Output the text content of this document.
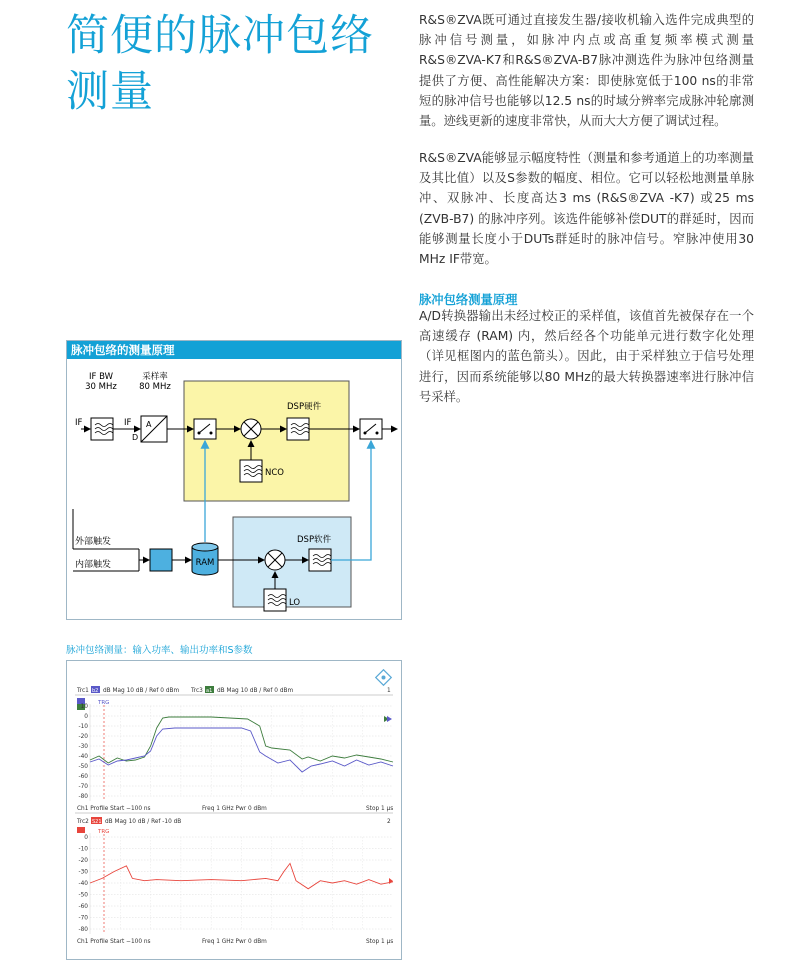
简便的脉冲包络
测量

R&S®ZVA既可通过直接发生器/接收机输入选件完成典型的脉冲信号测量，如脉冲内点或高重复频率模式测量R&S®ZVA-K7和R&S®ZVA-B7脉冲测选件为脉冲包络测量提供了方便、高性能解决方案：即使脉宽低于100 ns的非常短的脉冲信号也能够以12.5 ns的时域分辨率完成脉冲轮廓测量。迹线更新的速度非常快，从而大大方便了调试过程。

R&S®ZVA能够显示幅度特性（测量和参考通道上的功率测量及其比值）以及S参数的幅度、相位。它可以轻松地测量单脉冲、双脉冲、长度高达3 ms (R&S®ZVA -K7) 或25 ms (ZVB-B7) 的脉冲序列。该选件能够补偿DUT的群延时，因而能够测量长度小于DUTs群延时的脉冲信号。窄脉冲使用30 MHz IF带宽。

脉冲包络测量原理

A/D转换器输出未经过校正的采样值，该值首先被保存在一个高速缓存 (RAM) 内，然后经各个功能单元进行数字化处理（详见框图内的蓝色箭头）。因此，由于采样独立于信号处理进行，因而系统能够以80 MHz的最大转换器速率进行脉冲信号采样。

脉冲包络的测量原理
IF BW
30 MHz
采样率
80 MHz
IF	IF
D
A
DSP硬件
NCO
外部触发
内部触发	RAM
DSP软件
LO
脉冲包络测量：输入功率、输出功率和S参数
Trc1 b2 dB Mag 10 dB / Ref 0 dBm Trc3 a1 dB Mag 10 dB / Ref 0 dBm	1
TRG
10
0
-10
-20
-30
-40
-50
-60
-70
-80
Ch1 Profile Start −100 ns	Freq 1 GHz Pwr 0 dBm	Stop 1 µs
Trc2 S21 dB Mag 10 dB / Ref -10 dB	2
TRG
0
-10
-20
-30
-40
-50
-60
-70
-80
Ch1 Profile Start −100 ns	Freq 1 GHz Pwr 0 dBm	Stop 1 µs
